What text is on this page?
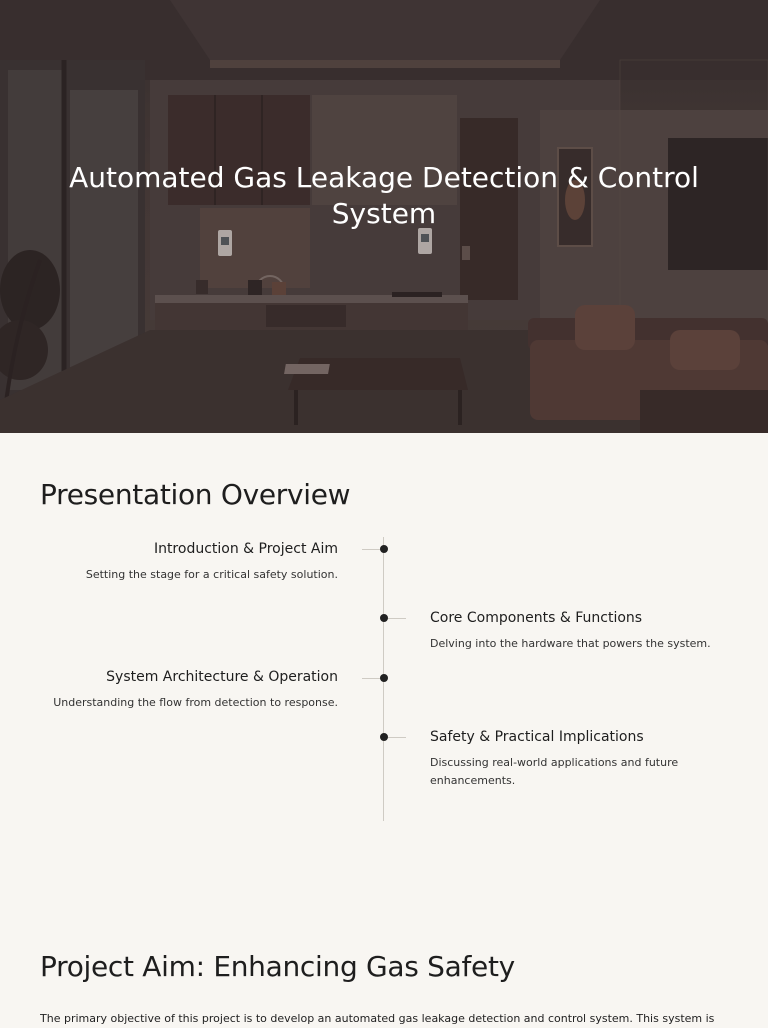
Automated Gas Leakage Detection & Control System
Presentation Overview
Introduction & Project Aim

Setting the stage for a critical safety solution.

Core Components & Functions

Delving into the hardware that powers the system.

System Architecture & Operation

Understanding the flow from detection to response.

Safety & Practical Implications

Discussing real-world applications and future enhancements.

Project Aim: Enhancing Gas Safety

The primary objective of this project is to develop an automated gas leakage detection and control system. This system is
